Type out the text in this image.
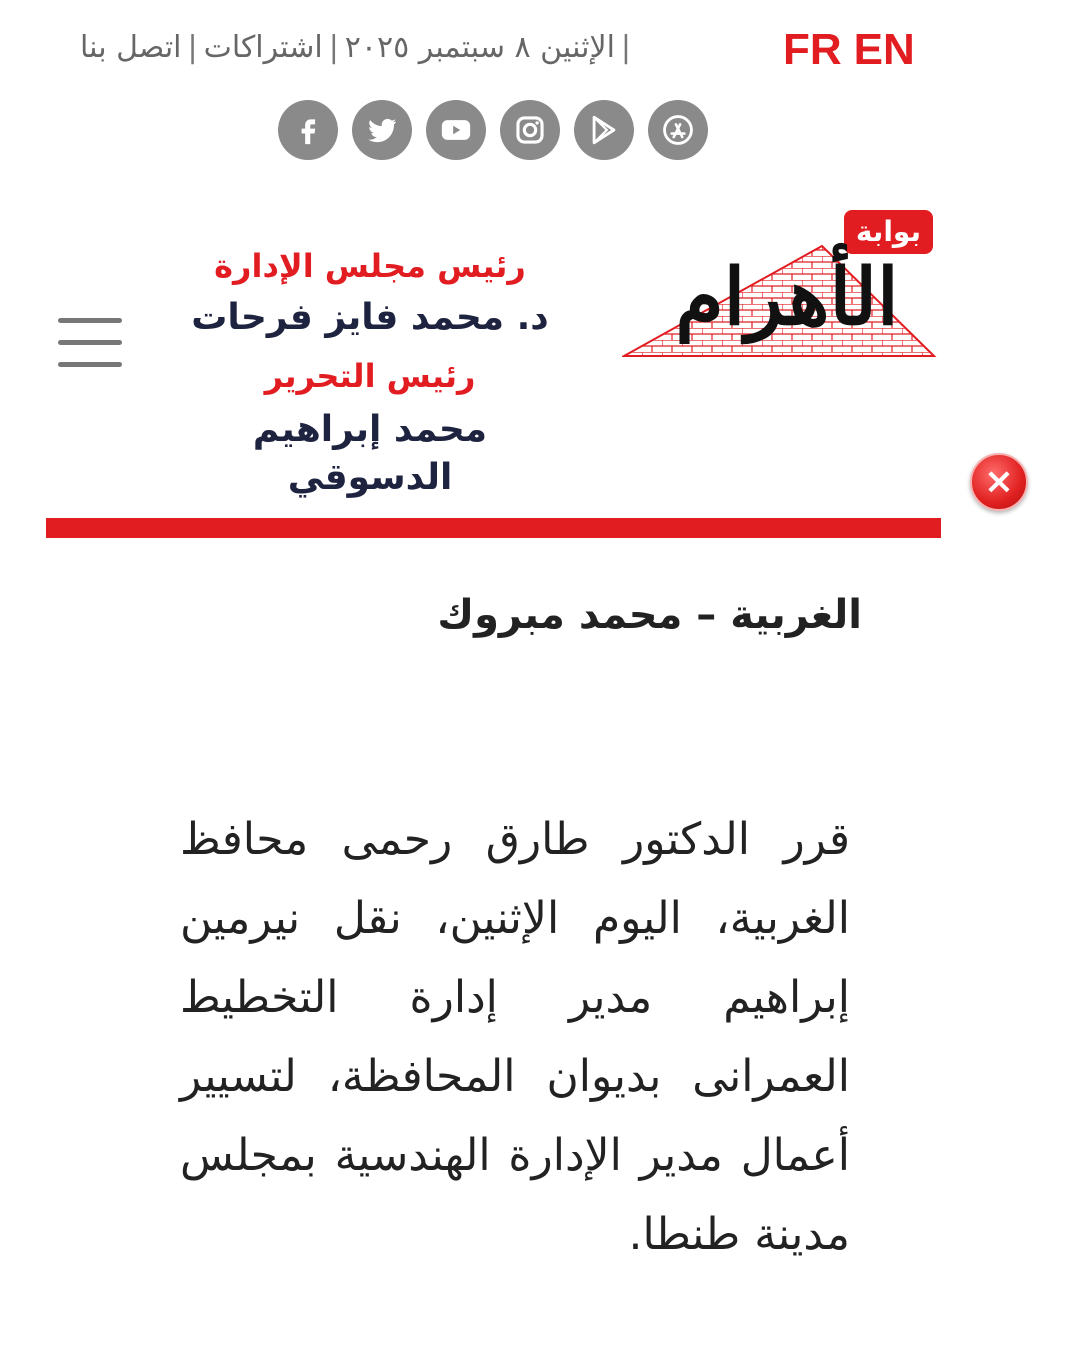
FR EN
|الإثنين ٨ سبتمبر ٢٠٢٥|اشتراكات|اتصل بنا
بوابة
الأهرام
رئيس مجلس الإدارة
د. محمد فايز فرحات
رئيس التحرير
محمد إبراهيم
الدسوقي	×
الغربية – محمد مبروك
قرر الدكتور طارق رحمى محافظ الغربية، اليوم الإثنين، نقل نيرمين إبراهيم مدير إدارة التخطيط العمرانى بديوان المحافظة، لتسيير أعمال مدير الإدارة الهندسية بمجلس مدينة طنطا.
